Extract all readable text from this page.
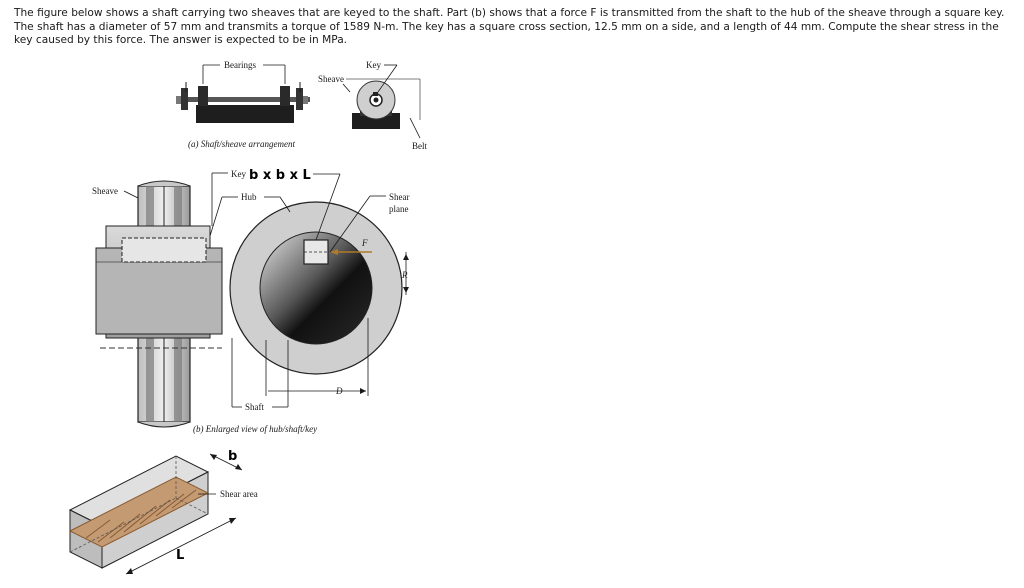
The figure below shows a shaft carrying two sheaves that are keyed to the shaft. Part (b) shows that a force F is transmitted from the shaft to the hub of the sheave through a square key. The shaft has a diameter of 57 mm and transmits a torque of 1589 N-m. The key has a square cross section, 12.5 mm on a side, and a length of 44 mm. Compute the shear stress in the key caused by this force. The answer is expected to be in MPa.
Bearings
Sheave
(a) Shaft/sheave arrangement
Key
Belt
Sheave
F
R
D
Key b x b x L
Hub	Shear
plane
Shaft
(b) Enlarged view of hub/shaft/key
b
L
Shear area
